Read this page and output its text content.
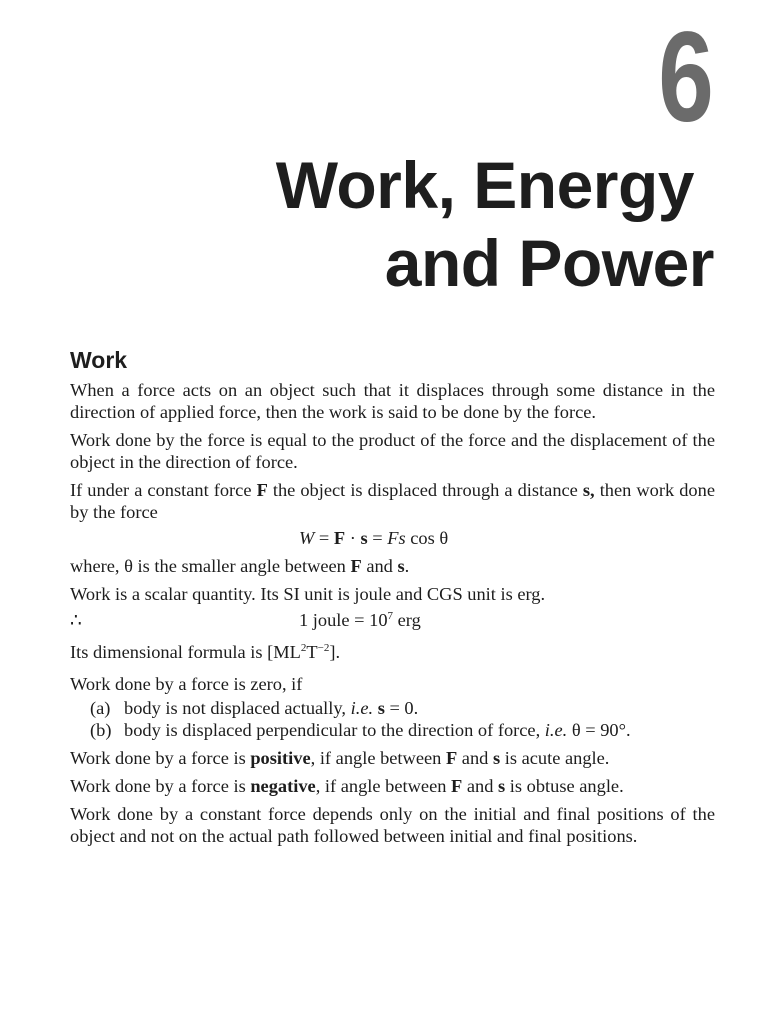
6
Work, Energy
and Power
Work

When a force acts on an object such that it displaces through some distance in the direction of applied force, then the work is said to be done by the force.

Work done by the force is equal to the product of the force and the displacement of the object in the direction of force.

If under a constant force F the object is displaced through a distance s, then work done by the force

W = F · s = Fs cos θ

where, θ is the smaller angle between F and s.

Work is a scalar quantity. Its SI unit is joule and CGS unit is erg.

∴	1 joule = $10^7$ erg

Its dimensional formula is $[ML^2T^{-2}]$.

Work done by a force is zero, if

(a) body is not displaced actually, i.e. s = 0.
(b) body is displaced perpendicular to the direction of force, i.e. θ = 90°.

Work done by a force is positive, if angle between F and s is acute angle.

Work done by a force is negative, if angle between F and s is obtuse angle.

Work done by a constant force depends only on the initial and final positions of the object and not on the actual path followed between initial and final positions.
